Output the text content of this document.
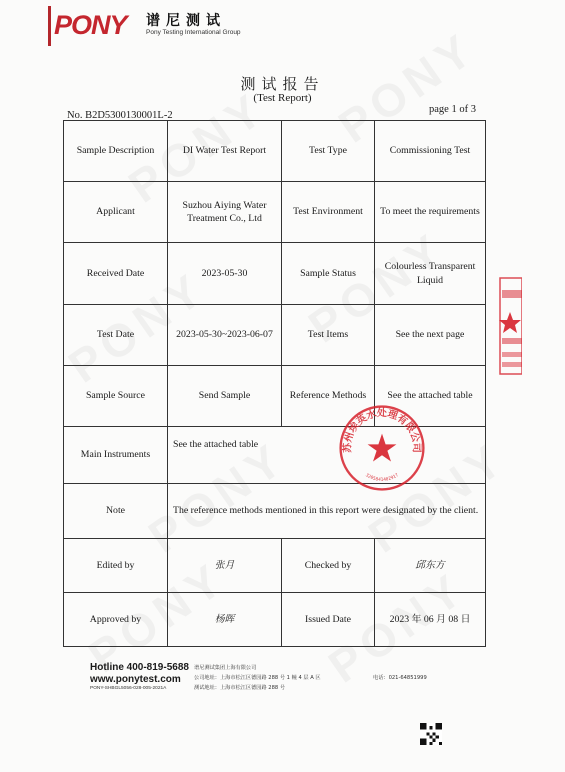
PONY 谱尼测试
Pony Testing International Group
测试报告
(Test Report)
No. B2D5300130001L-2
page 1 of 3
Sample Description	DI Water Test Report	Test Type	Commissioning Test
Applicant	Suzhou Aiying Water Treatment Co., Ltd	Test Environment	To meet the requirements
Received Date	2023-05-30	Sample Status	Colourless Transparent Liquid
Test Date	2023-05-30~2023-06-07	Test Items	See the next page
Sample Source	Send Sample	Reference Methods	See the attached table
Main Instruments	See the attached table		
Note	The reference methods mentioned in this report were designated by the client.		
Edited by	张月	Checked by	邱东方
Approved by	杨晖	Issued Date	2023 年 06 月 08 日
苏州埃英水处理有限公司
3205841402917
Hotline 400-819-5688
www.ponytest.com
PONY-SHBGL5056-028-005-2021A
谱尼测试集团上海有限公司
公司地址：上海市松江区德园路 288 号 1 幢 4 层 A 区
测试地址：上海市松江区德园路 288 号
电话：021-64851999
